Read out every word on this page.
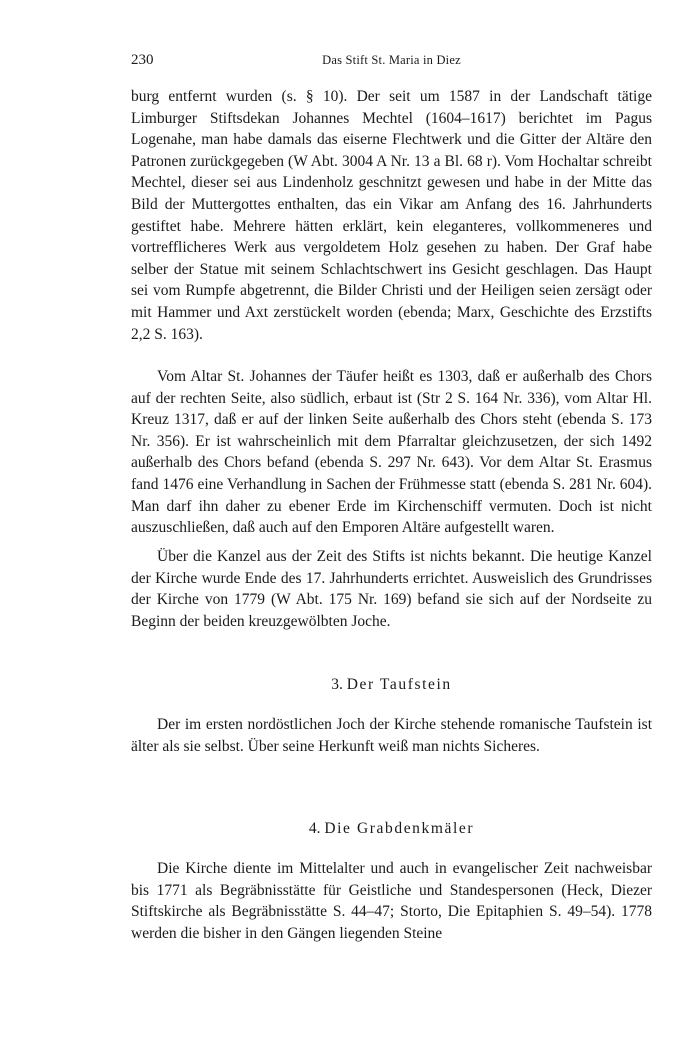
230	Das Stift St. Maria in Diez

burg entfernt wurden (s. § 10). Der seit um 1587 in der Landschaft tätige Limburger Stiftsdekan Johannes Mechtel (1604–1617) berichtet im Pagus Logenahe, man habe damals das eiserne Flechtwerk und die Gitter der Altäre den Patronen zurückgegeben (W Abt. 3004 A Nr. 13 a Bl. 68 r). Vom Hochaltar schreibt Mechtel, dieser sei aus Lindenholz geschnitzt gewesen und habe in der Mitte das Bild der Muttergottes enthalten, das ein Vikar am Anfang des 16. Jahrhunderts gestiftet habe. Mehrere hätten erklärt, kein eleganteres, vollkommeneres und vortrefflicheres Werk aus vergoldetem Holz gesehen zu haben. Der Graf habe selber der Statue mit seinem Schlachtschwert ins Gesicht geschlagen. Das Haupt sei vom Rumpfe abgetrennt, die Bilder Christi und der Heiligen seien zersägt oder mit Hammer und Axt zerstückelt worden (ebenda; Marx, Geschichte des Erzstifts 2,2 S. 163).

Vom Altar St. Johannes der Täufer heißt es 1303, daß er außerhalb des Chors auf der rechten Seite, also südlich, erbaut ist (Str 2 S. 164 Nr. 336), vom Altar Hl. Kreuz 1317, daß er auf der linken Seite außerhalb des Chors steht (ebenda S. 173 Nr. 356). Er ist wahrscheinlich mit dem Pfarraltar gleichzusetzen, der sich 1492 außerhalb des Chors befand (ebenda S. 297 Nr. 643). Vor dem Altar St. Erasmus fand 1476 eine Verhandlung in Sachen der Frühmesse statt (ebenda S. 281 Nr. 604). Man darf ihn daher zu ebener Erde im Kirchenschiff vermuten. Doch ist nicht auszuschließen, daß auch auf den Emporen Altäre aufgestellt waren.

Über die Kanzel aus der Zeit des Stifts ist nichts bekannt. Die heutige Kanzel der Kirche wurde Ende des 17. Jahrhunderts errichtet. Ausweislich des Grundrisses der Kirche von 1779 (W Abt. 175 Nr. 169) befand sie sich auf der Nordseite zu Beginn der beiden kreuzgewölbten Joche.

3. Der Taufstein

Der im ersten nordöstlichen Joch der Kirche stehende romanische Taufstein ist älter als sie selbst. Über seine Herkunft weiß man nichts Sicheres.

4. Die Grabdenkmäler

Die Kirche diente im Mittelalter und auch in evangelischer Zeit nachweisbar bis 1771 als Begräbnisstätte für Geistliche und Standespersonen (Heck, Diezer Stiftskirche als Begräbnisstätte S. 44–47; Storto, Die Epitaphien S. 49–54). 1778 werden die bisher in den Gängen liegenden Steine
